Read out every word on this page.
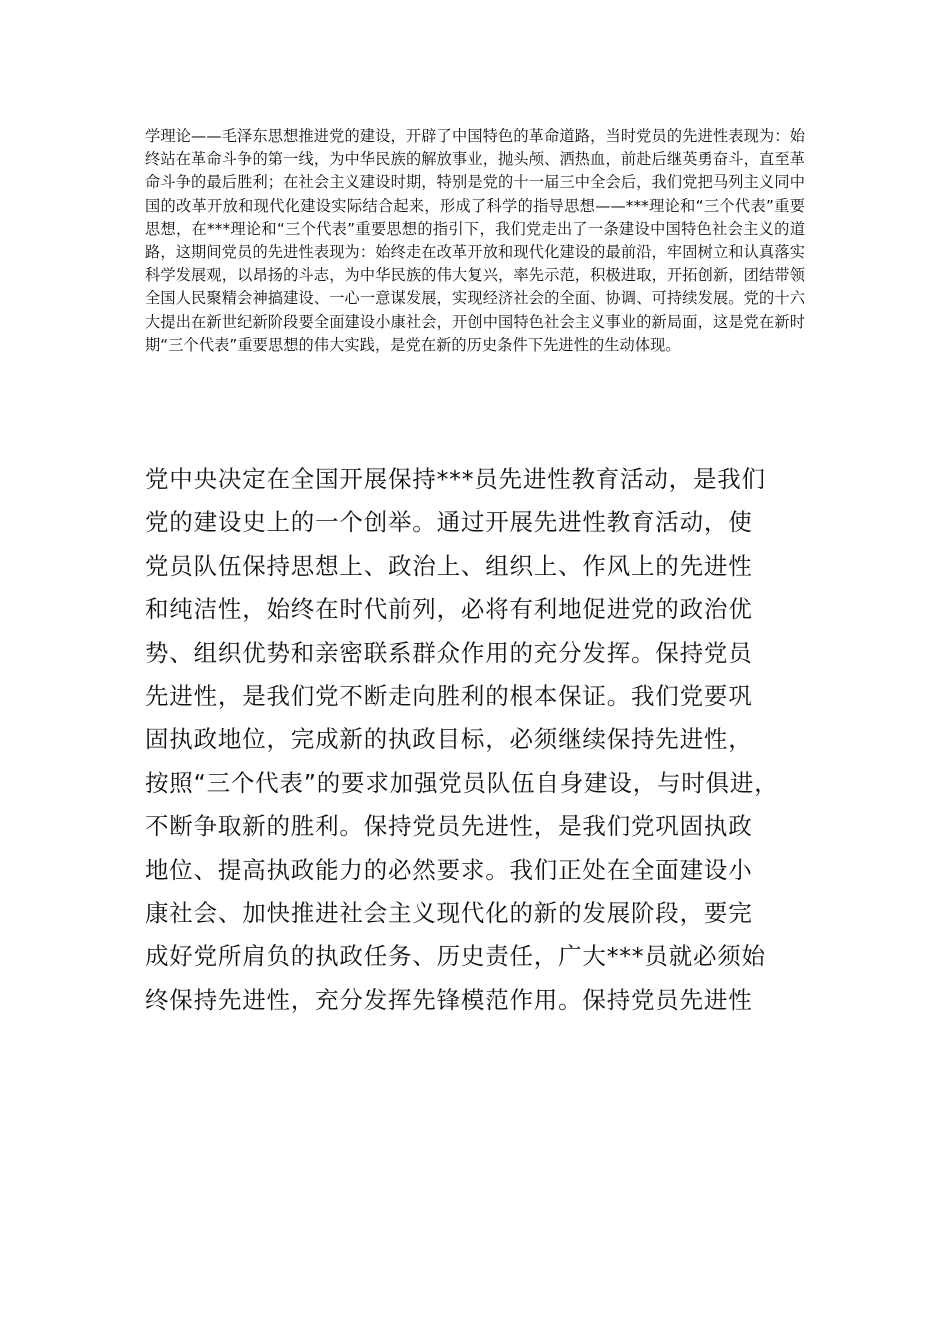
学理论——毛泽东思想推进党的建设，开辟了中国特色的革命道路，当时党员的先进性表现为：始终站在革命斗争的第一线，为中华民族的解放事业，抛头颅、洒热血，前赴后继英勇奋斗，直至革命斗争的最后胜利；在社会主义建设时期，特别是党的十一届三中全会后，我们党把马列主义同中国的改革开放和现代化建设实际结合起来，形成了科学的指导思想——***理论和“三个代表”重要思想，在***理论和“三个代表”重要思想的指引下，我们党走出了一条建设中国特色社会主义的道路，这期间党员的先进性表现为：始终走在改革开放和现代化建设的最前沿，牢固树立和认真落实科学发展观，以昂扬的斗志，为中华民族的伟大复兴，率先示范，积极进取，开拓创新，团结带领全国人民聚精会神搞建设、一心一意谋发展，实现经济社会的全面、协调、可持续发展。党的十六大提出在新世纪新阶段要全面建设小康社会，开创中国特色社会主义事业的新局面，这是党在新时期“三个代表”重要思想的伟大实践，是党在新的历史条件下先进性的生动体现。

党中央决定在全国开展保持***员先进性教育活动，是我们
党的建设史上的一个创举。通过开展先进性教育活动，使
党员队伍保持思想上、政治上、组织上、作风上的先进性
和纯洁性，始终在时代前列，必将有利地促进党的政治优
势、组织优势和亲密联系群众作用的充分发挥。保持党员
先进性，是我们党不断走向胜利的根本保证。我们党要巩
固执政地位，完成新的执政目标，必须继续保持先进性，
按照“三个代表”的要求加强党员队伍自身建设，与时俱进，
不断争取新的胜利。保持党员先进性，是我们党巩固执政
地位、提高执政能力的必然要求。我们正处在全面建设小
康社会、加快推进社会主义现代化的新的发展阶段，要完
成好党所肩负的执政任务、历史责任，广大***员就必须始
终保持先进性，充分发挥先锋模范作用。保持党员先进性
